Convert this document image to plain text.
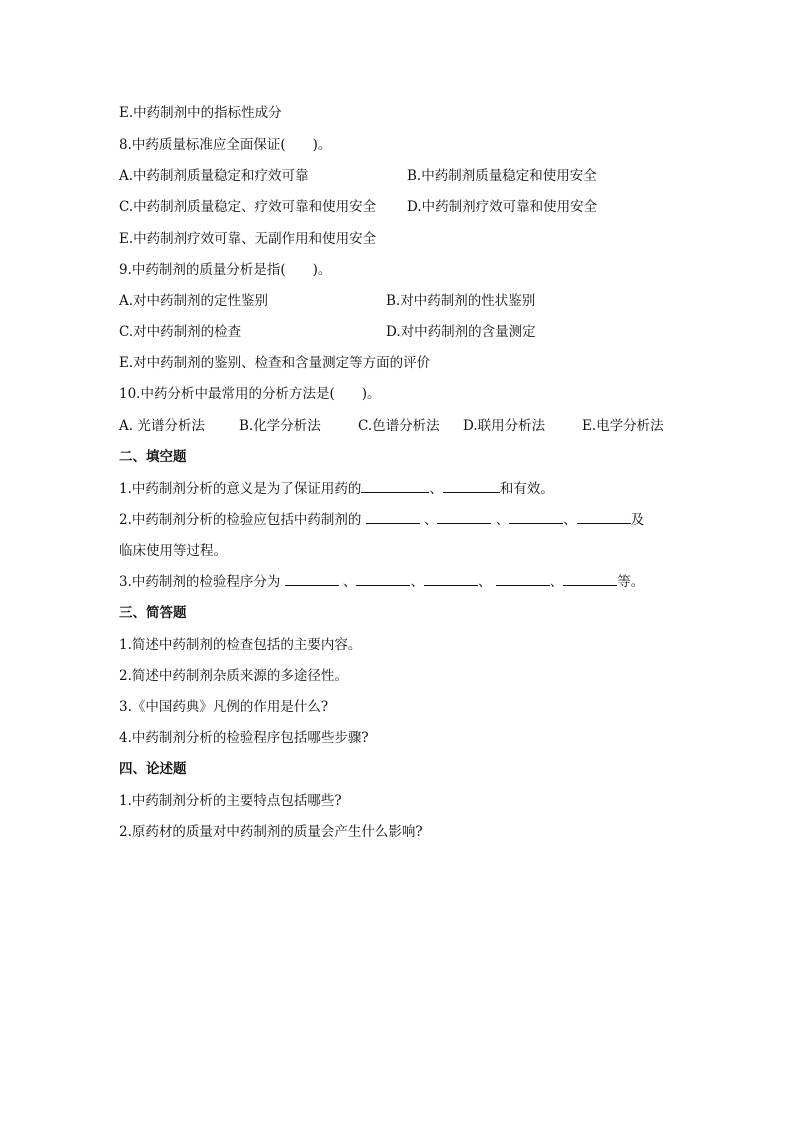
E.中药制剂中的指标性成分
8.中药质量标准应全面保证(  )。
A.中药制剂质量稳定和疗效可靠	B.中药制剂质量稳定和使用安全
C.中药制剂质量稳定、疗效可靠和使用安全 D.中药制剂疗效可靠和使用安全
E.中药制剂疗效可靠、无副作用和使用安全
9.中药制剂的质量分析是指(  )。
A.对中药制剂的定性鉴别	B.对中药制剂的性状鉴别
C.对中药制剂的检查	D.对中药制剂的含量测定
E.对中药制剂的鉴别、检查和含量测定等方面的评价
10.中药分析中最常用的分析方法是(  )。
A. 光谱分析法	B.化学分析法	C.色谱分析法 D.联用分析法	E.电学分析法
二、填空题
1.中药制剂分析的意义是为了保证用药的	、	和有效。
2.中药制剂分析的检验应包括中药制剂的	、	、	、	及
临床使用等过程。
3.中药制剂的检验程序分为	、	、	、	、	等。
三、简答题
1.简述中药制剂的检查包括的主要内容。
2.简述中药制剂杂质来源的多途径性。
3.《中国药典》凡例的作用是什么?
4.中药制剂分析的检验程序包括哪些步骤?
四、论述题
1.中药制剂分析的主要特点包括哪些?
2.原药材的质量对中药制剂的质量会产生什么影响?
